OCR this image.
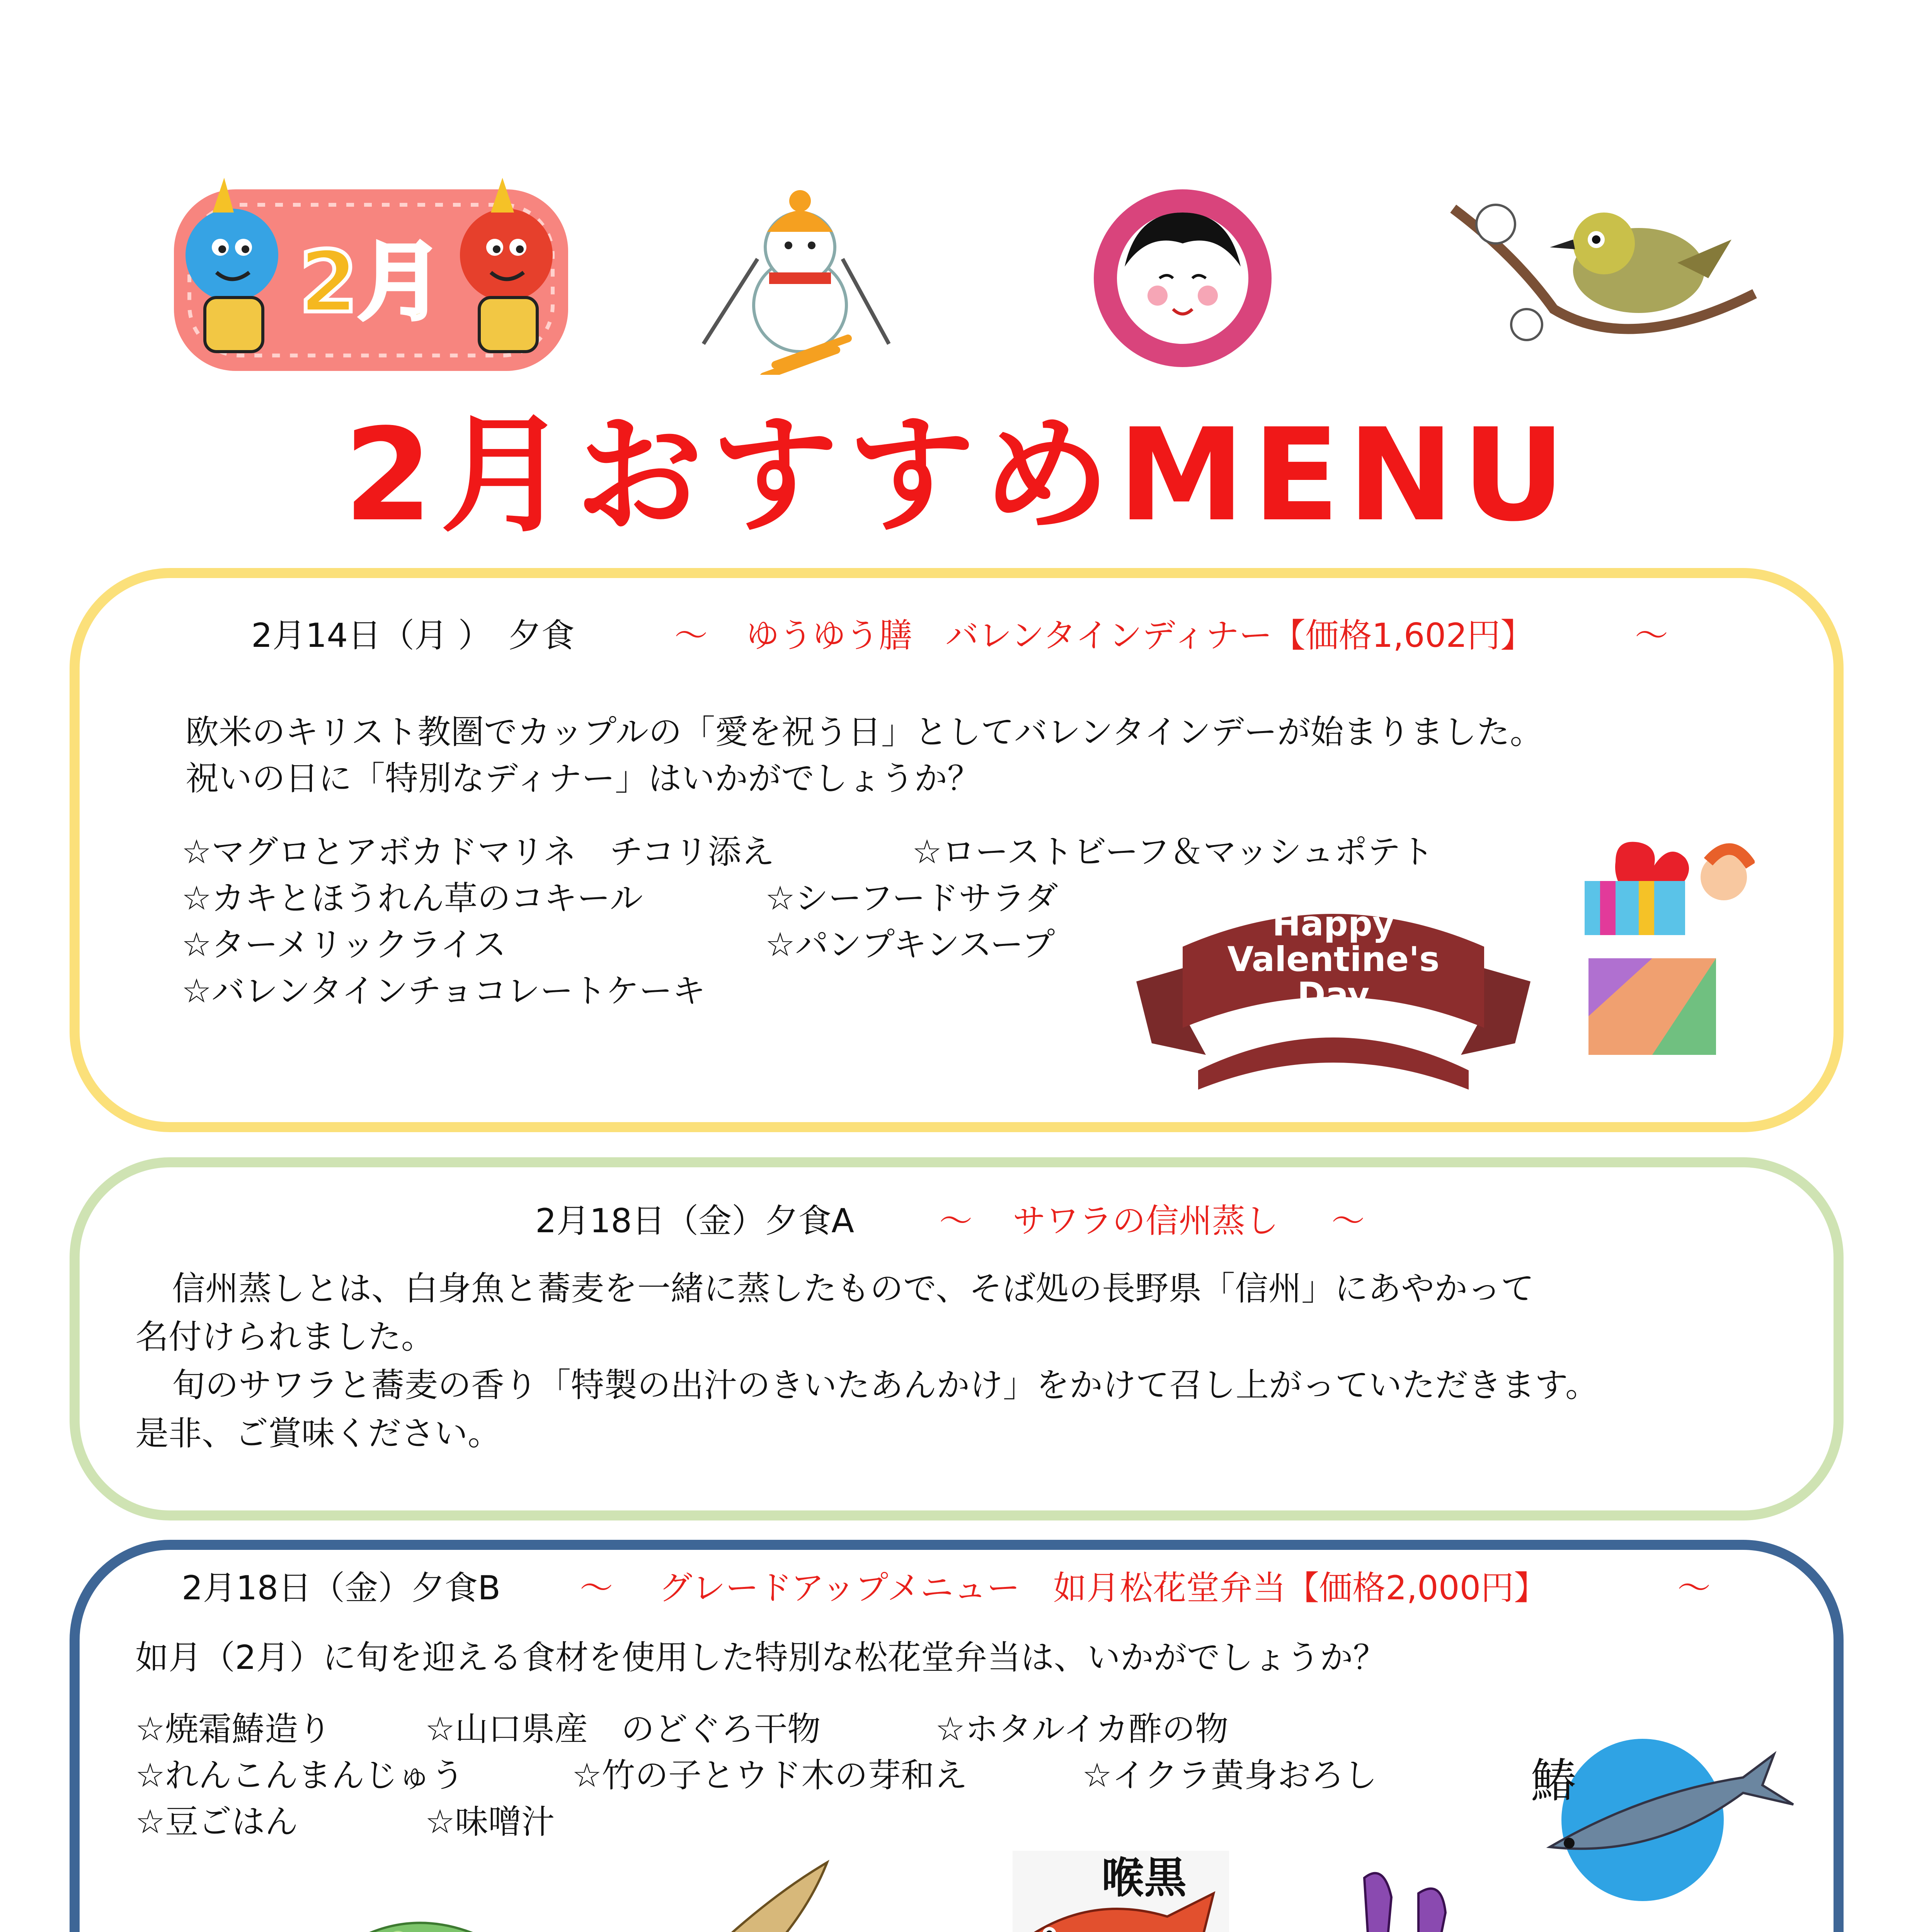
2月
2月おすすめMENU
2月14日（月 ）　夕食	～ ゆうゆう膳　バレンタインディナー【価格1,602円】	～
欧米のキリスト教圏でカップルの「愛を祝う日」としてバレンタインデーが始まりました。
祝いの日に「特別なディナー」はいかがでしょうか？
☆マグロとアボカドマリネ　チコリ添え	☆ローストビーフ＆マッシュポテト
☆カキとほうれん草のコキール	☆シーフードサラダ
☆ターメリックライス	☆パンプキンスープ
☆バレンタインチョコレートケーキ
Happy
Valentine's
Day
2月18日（金）夕食A	～ サワラの信州蒸し ～
信州蒸しとは、白身魚と蕎麦を一緒に蒸したもので、そば処の長野県「信州」にあやかって
名付けられました。
旬のサワラと蕎麦の香り「特製の出汁のきいたあんかけ」をかけて召し上がっていただきます。
是非、ご賞味ください。
2月18日（金）夕食B ～ グレードアップメニュー　如月松花堂弁当【価格2,000円】	～
如月（2月）に旬を迎える食材を使用した特別な松花堂弁当は、いかがでしょうか？
☆焼霜鰆造り	☆山口県産　のどぐろ干物	☆ホタルイカ酢の物
☆れんこんまんじゅう	☆竹の子とウド木の芽和え	☆イクラ黄身おろし
☆豆ごはん	☆味噌汁
鰆
喉黒
